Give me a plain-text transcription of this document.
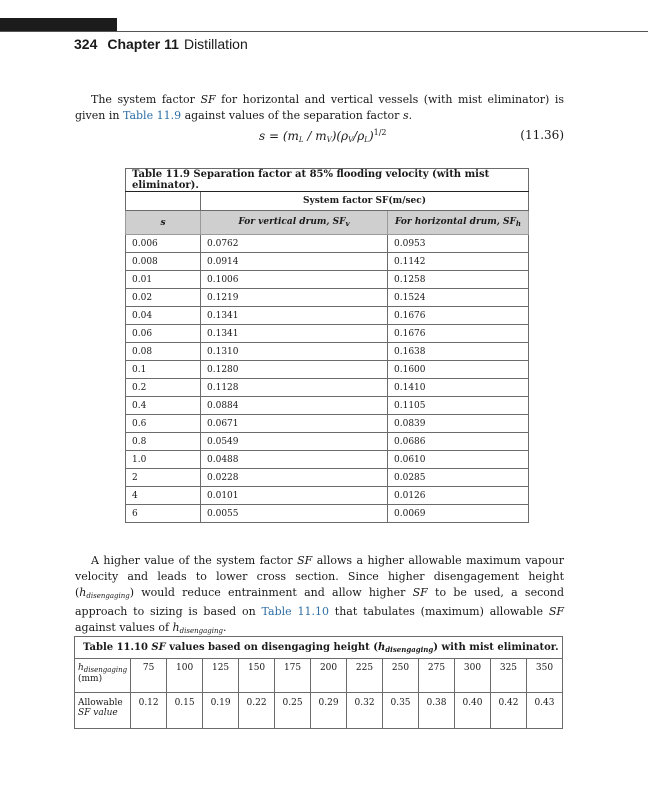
324 Chapter 11 Distillation

The system factor SF for horizontal and vertical vessels (with mist eliminator) is given in Table 11.9 against values of the separation factor s.

$s = (m_L / m_V)(\rho_V/\rho_L)^{1/2}$	(11.36)
Table 11.9 Separation factor at 85% flooding velocity (with mist eliminator).		
	System factor SF(m/sec)	
s	For vertical drum, $SF_v$	For horizontal drum, $SF_h$
0.006	0.0762	0.0953
0.008	0.0914	0.1142
0.01	0.1006	0.1258
0.02	0.1219	0.1524
0.04	0.1341	0.1676
0.06	0.1341	0.1676
0.08	0.1310	0.1638
0.1	0.1280	0.1600
0.2	0.1128	0.1410
0.4	0.0884	0.1105
0.6	0.0671	0.0839
0.8	0.0549	0.0686
1.0	0.0488	0.0610
2	0.0228	0.0285
4	0.0101	0.0126
6	0.0055	0.0069

A higher value of the system factor SF allows a higher allowable maximum vapour velocity and leads to lower cross section. Since higher disengagement height $(h_{disengaging})$ would reduce entrainment and allow higher SF to be used, a second approach to sizing is based on Table 11.10 that tabulates (maximum) allowable SF against values of $h_{disengaging}$.

Table 11.10 SF values based on disengaging height $(h_{disengaging})$ with mist eliminator.												
$h_{disengaging}$
(mm)	75	100	125	150	175	200	225	250	275	300	325	350
Allowable
SF value	0.12	0.15	0.19	0.22	0.25	0.29	0.32	0.35	0.38	0.40	0.42	0.43
